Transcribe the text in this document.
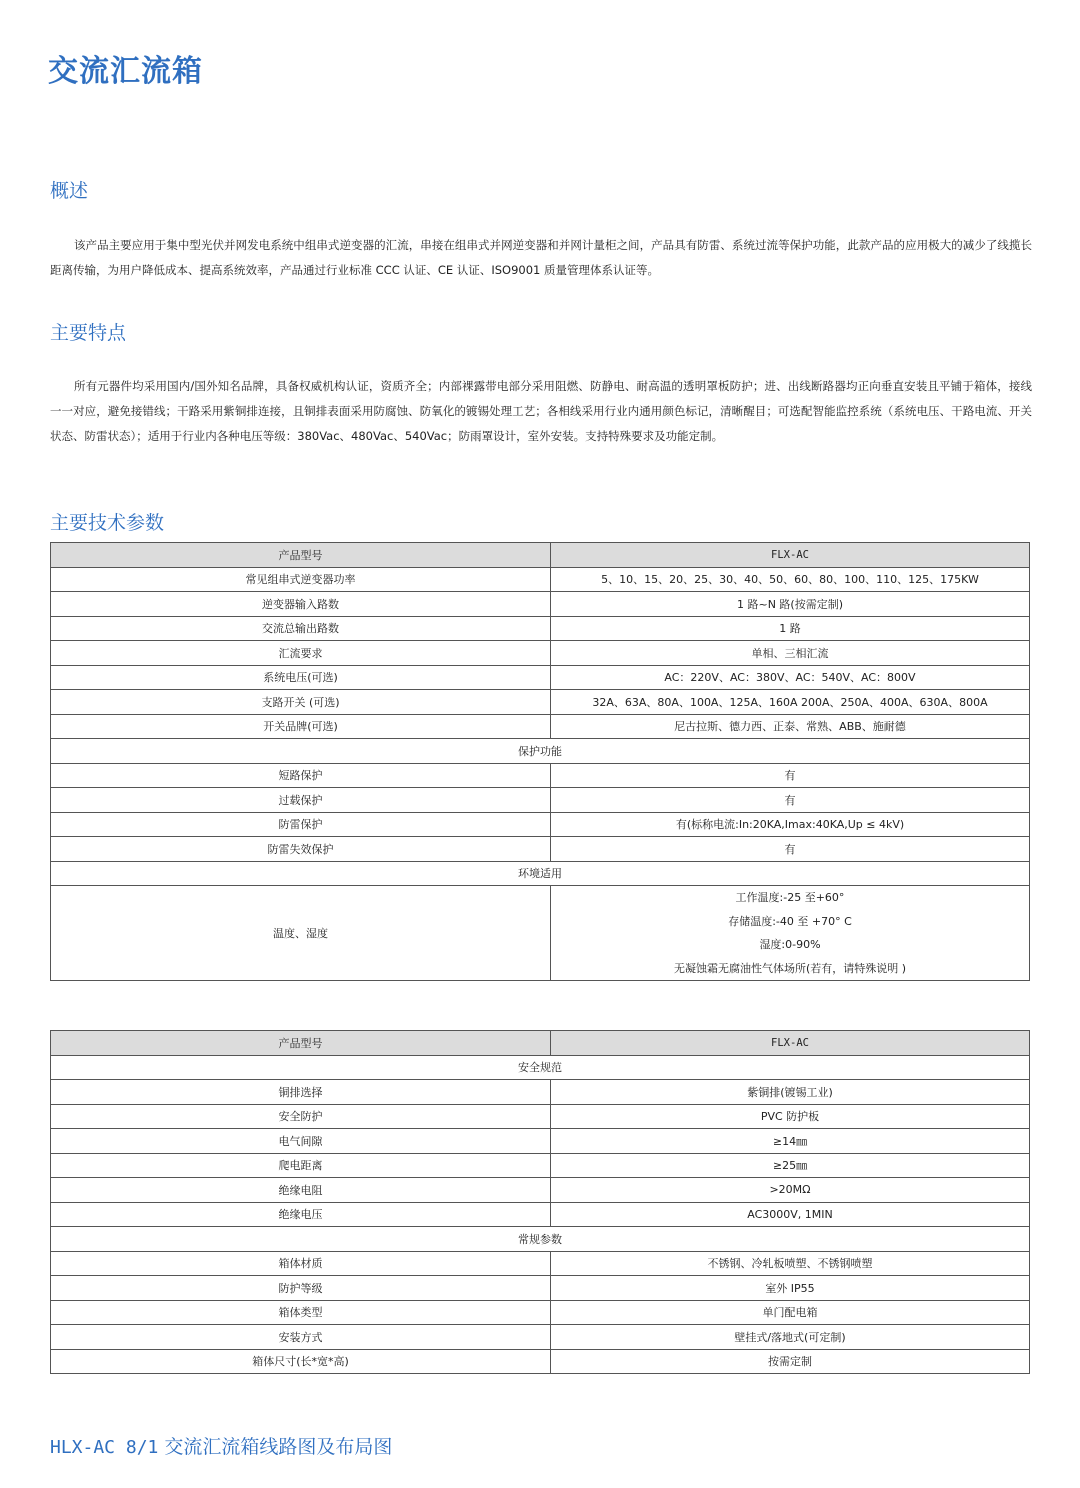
交流汇流箱
概述

该产品主要应用于集中型光伏并网发电系统中组串式逆变器的汇流，串接在组串式并网逆变器和并网计量柜之间，产品具有防雷、系统过流等保护功能，此款产品的应用极大的减少了线揽长距离传输，为用户降低成本、提高系统效率，产品通过行业标准 CCC 认证、CE 认证、ISO9001 质量管理体系认证等。

主要特点

所有元器件均采用国内/国外知名品牌，具备权威机构认证，资质齐全；内部裸露带电部分采用阻燃、防静电、耐高温的透明罩板防护；进、出线断路器均正向垂直安装且平铺于箱体，接线一一对应，避免接错线；干路采用紫铜排连接，且铜排表面采用防腐蚀、防氧化的镀锡处理工艺；各相线采用行业内通用颜色标记，清晰醒目；可选配智能监控系统（系统电压、干路电流、开关状态、防雷状态）；适用于行业内各种电压等级：380Vac、480Vac、540Vac；防雨罩设计，室外安装。支持特殊要求及功能定制。

主要技术参数
产品型号	FLX-AC
常见组串式逆变器功率	5、10、15、20、25、30、40、50、60、80、100、110、125、175KW
逆变器输入路数	1 路~N 路(按需定制)
交流总输出路数	1 路
汇流要求	单相、三相汇流
系统电压(可选)	AC：220V、AC：380V、AC：540V、AC：800V
支路开关 (可选)	32A、63A、80A、100A、125A、160A 200A、250A、400A、630A、800A
开关品牌(可选)	尼古拉斯、德力西、正泰、常熟、ABB、施耐德
保护功能	
短路保护	有
过载保护	有
防雷保护	有(标称电流:In:20KA,Imax:40KA,Up ≤ 4kV)
防雷失效保护	有
环境适用	
温度、湿度	工作温度:-25 至+60°
存储温度:-40 至 +70° C
湿度:0-90%
无凝蚀霜无腐油性气体场所(若有，请特殊说明 )
产品型号	FLX-AC
安全规范	
铜排选择	紫铜排(镀锡工业)
安全防护	PVC 防护板
电气间隙	≥14㎜
爬电距离	≥25㎜
绝缘电阻	>20MΩ
绝缘电压	AC3000V, 1MIN
常规参数	
箱体材质	不锈钢、冷轧板喷塑、不锈钢喷塑
防护等级	室外 IP55
箱体类型	单门配电箱
安装方式	壁挂式/落地式(可定制)
箱体尺寸(长*宽*高)	按需定制
HLX-AC 8/1 交流汇流箱线路图及布局图
